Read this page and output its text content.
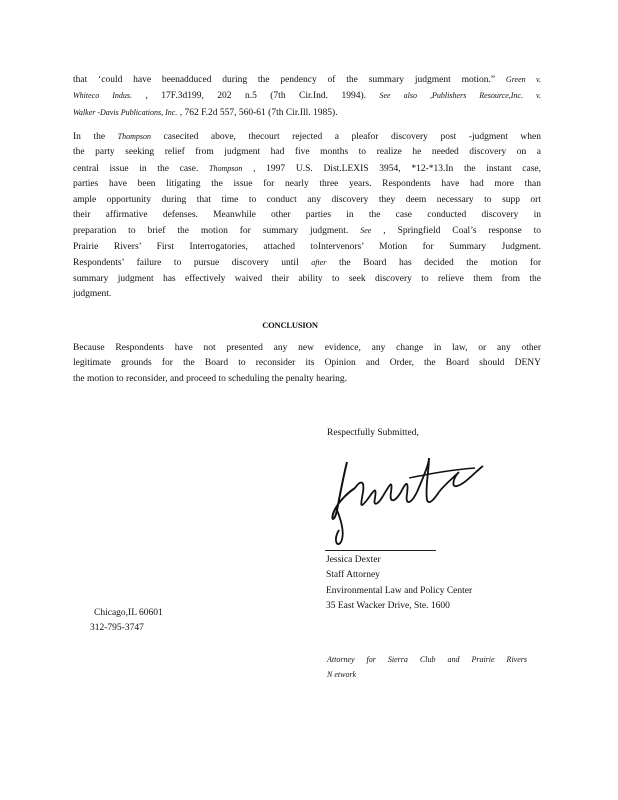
that ‘could have beenadduced during the pendency of the summary judgment motion.” Green v.
Whiteco Indus. , 17F.3d199, 202 n.5 (7th Cir.Ind. 1994). See also ,Publishers Resource,Inc. v.
Walker -Davis Publications, Inc. , 762 F.2d 557, 560-61 (7th Cir.Ill. 1985).
In the Thompson casecited above, thecourt rejected a pleafor discovery post -judgment when
the party seeking relief from judgment had five months to realize he needed discovery on a
central issue in the case. Thompson , 1997 U.S. Dist.LEXIS 3954, *12-*13.In the instant case,
parties have been litigating the issue for nearly three years. Respondents have had more than
ample opportunity during that time to conduct any discovery they deem necessary to supp ort
their affirmative defenses. Meanwhile other parties in the case conducted discovery in
preparation to brief the motion for summary judgment. See , Springfield Coal’s response to
Prairie Rivers’ First Interrogatories, attached toIntervenors’ Motion for Summary Judgment.
Respondents’ failure to pursue discovery until after the Board has decided the motion for
summary judgment has effectively waived their ability to seek discovery to relieve them from the
judgment.
CONCLUSION
Because Respondents have not presented any new evidence, any change in law, or any other
legitimate grounds for the Board to reconsider its Opinion and Order, the Board should DENY
the motion to reconsider, and proceed to scheduling the penalty hearing.
Respectfully Submitted,
Jessica Dexter
Staff Attorney
Environmental Law and Policy Center
35 East Wacker Drive, Ste. 1600
Chicago,IL 60601
312-795-3747
Attorney for Sierra Club and Prairie Rivers
N etwork
